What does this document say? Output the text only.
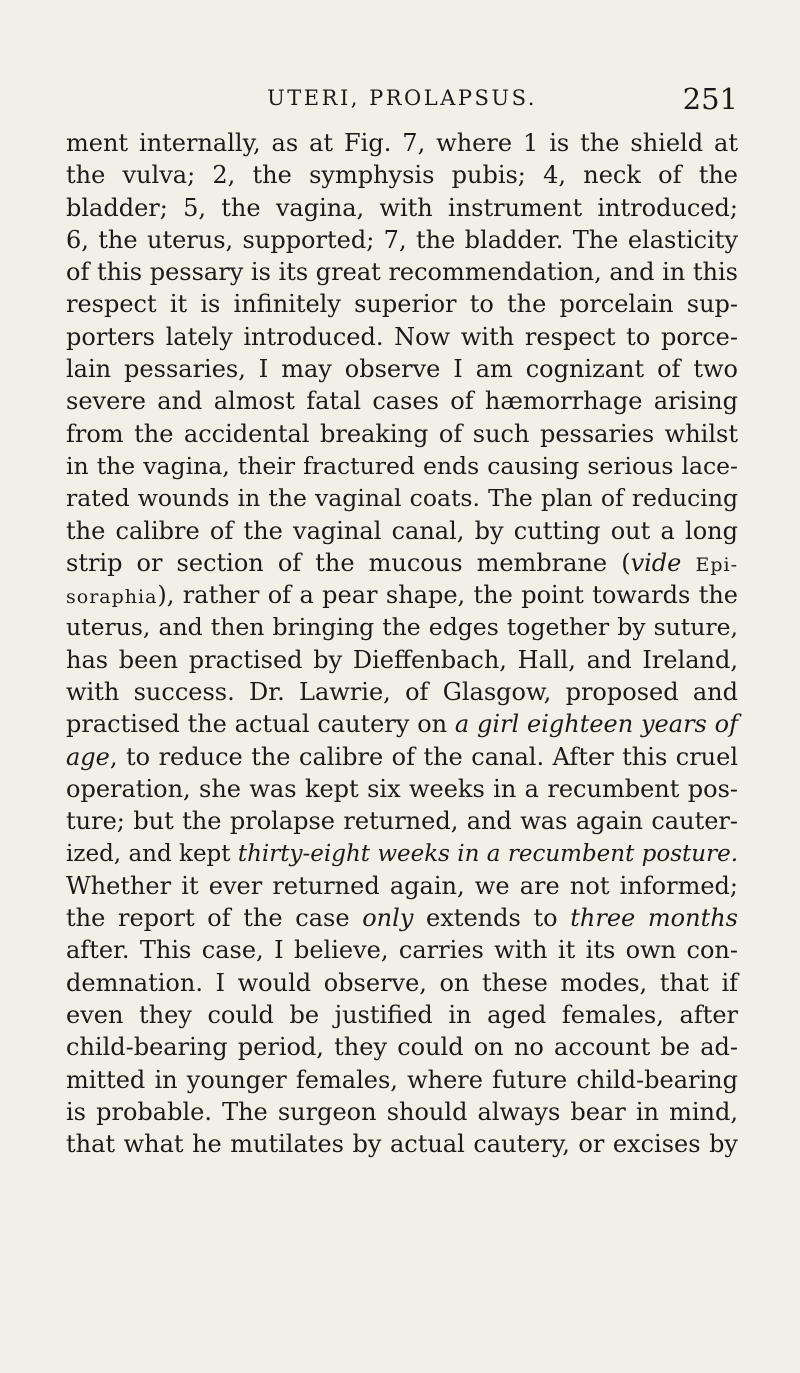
UTERI, PROLAPSUS.	251
ment internally, as at Fig. 7, where 1 is the shield at
the vulva; 2, the symphysis pubis; 4, neck of the
bladder; 5, the vagina, with instrument introduced;
6, the uterus, supported; 7, the bladder. The elasticity
of this pessary is its great recommendation, and in this
respect it is infinitely superior to the porcelain sup-
porters lately introduced. Now with respect to porce-
lain pessaries, I may observe I am cognizant of two
severe and almost fatal cases of hæmorrhage arising
from the accidental breaking of such pessaries whilst
in the vagina, their fractured ends causing serious lace-
rated wounds in the vaginal coats. The plan of reducing
the calibre of the vaginal canal, by cutting out a long
strip or section of the mucous membrane (vide Epi-
soraphia), rather of a pear shape, the point towards the
uterus, and then bringing the edges together by suture,
has been practised by Dieffenbach, Hall, and Ireland,
with success. Dr. Lawrie, of Glasgow, proposed and
practised the actual cautery on a girl eighteen years of
age, to reduce the calibre of the canal. After this cruel
operation, she was kept six weeks in a recumbent pos-
ture; but the prolapse returned, and was again cauter-
ized, and kept thirty-eight weeks in a recumbent posture.
Whether it ever returned again, we are not informed;
the report of the case only extends to three months
after. This case, I believe, carries with it its own con-
demnation. I would observe, on these modes, that if
even they could be justified in aged females, after
child-bearing period, they could on no account be ad-
mitted in younger females, where future child-bearing
is probable. The surgeon should always bear in mind,
that what he mutilates by actual cautery, or excises by
